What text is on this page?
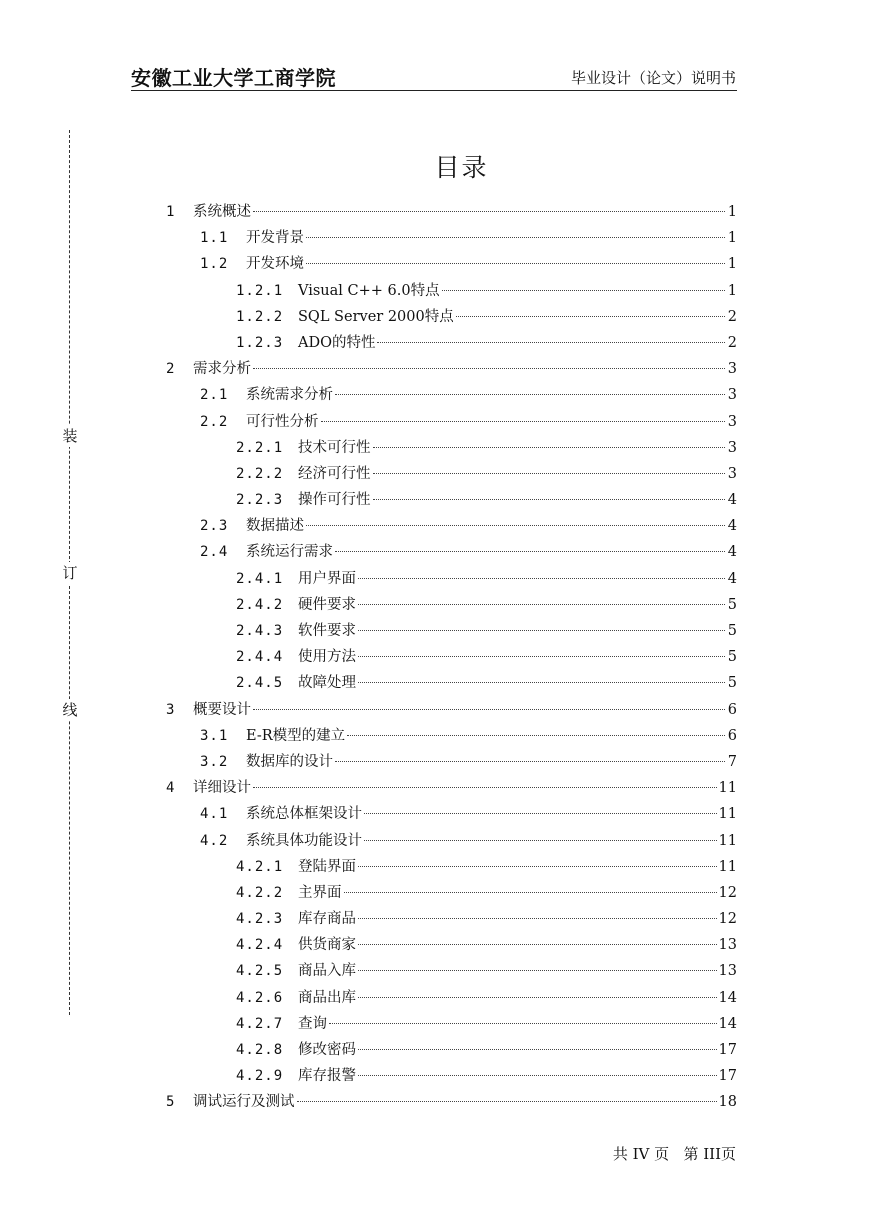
安徽工业大学工商学院	毕业设计（论文）说明书
装
订
线
目录
1	系统概述	1
1.1	开发背景	1
1.2	开发环境	1
1.2.1	Visual C++ 6.0特点	1
1.2.2	SQL Server 2000特点	2
1.2.3	ADO的特性	2
2	需求分析	3
2.1	系统需求分析	3
2.2	可行性分析	3
2.2.1	技术可行性	3
2.2.2	经济可行性	3
2.2.3	操作可行性	4
2.3	数据描述	4
2.4	系统运行需求	4
2.4.1	用户界面	4
2.4.2	硬件要求	5
2.4.3	软件要求	5
2.4.4	使用方法	5
2.4.5	故障处理	5
3	概要设计	6
3.1	E-R模型的建立	6
3.2	数据库的设计	7
4	详细设计	11
4.1	系统总体框架设计	11
4.2	系统具体功能设计	11
4.2.1	登陆界面	11
4.2.2	主界面	12
4.2.3	库存商品	12
4.2.4	供货商家	13
4.2.5	商品入库	13
4.2.6	商品出库	14
4.2.7	查询	14
4.2.8	修改密码	17
4.2.9	库存报警	17
5	调试运行及测试	18
共 IV 页 第 III页
